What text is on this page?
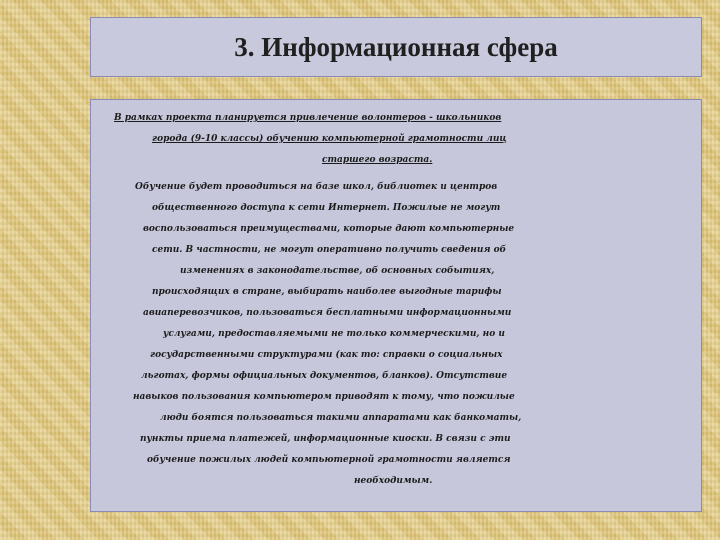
3. Информационная сфера

В рамках проекта планируется привлечение волонтеров - школьников

города (9-10 классы) обучению компьютерной грамотности лиц

старшего возраста.

Обучение будет проводиться на базе школ, библиотек и центров

общественного доступа к сети Интернет. Пожилые не могут

воспользоваться преимуществами, которые дают компьютерные

сети. В частности, не могут оперативно получить сведения об

изменениях в законодательстве, об основных событиях,

происходящих в стране, выбирать наиболее выгодные тарифы

авиаперевозчиков, пользоваться бесплатными информационными

услугами, предоставляемыми не только коммерческими, но и

государственными структурами (как то: справки о социальных

льготах, формы официальных документов, бланков). Отсутствие

навыков пользования компьютером приводят к тому, что пожилые

люди боятся пользоваться такими аппаратами как банкоматы,

пункты приема платежей, информационные киоски. В связи с эти

обучение пожилых людей компьютерной грамотности является

необходимым.
